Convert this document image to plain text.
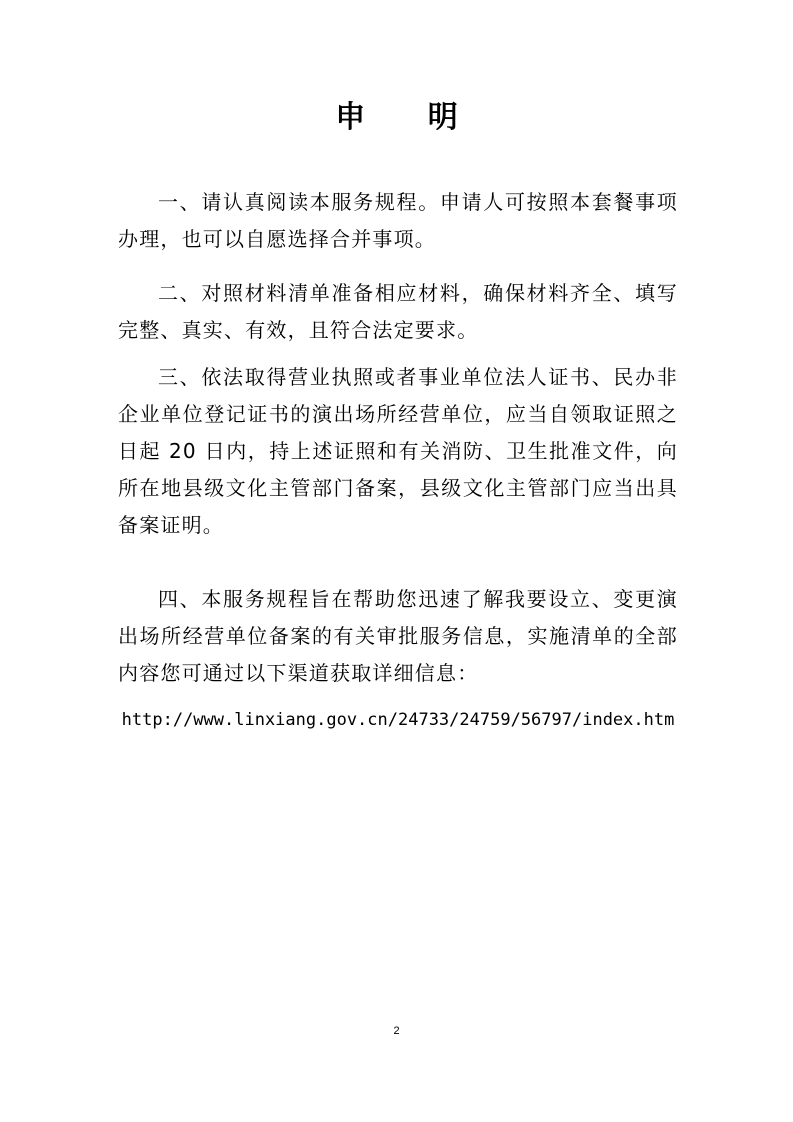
申 明

一、请认真阅读本服务规程。申请人可按照本套餐事项办理，也可以自愿选择合并事项。

二、对照材料清单准备相应材料，确保材料齐全、填写完整、真实、有效，且符合法定要求。

三、依法取得营业执照或者事业单位法人证书、民办非企业单位登记证书的演出场所经营单位，应当自领取证照之日起 20 日内，持上述证照和有关消防、卫生批准文件，向所在地县级文化主管部门备案，县级文化主管部门应当出具备案证明。

四、本服务规程旨在帮助您迅速了解我要设立、变更演出场所经营单位备案的有关审批服务信息，实施清单的全部内容您可通过以下渠道获取详细信息：

http://www.linxiang.gov.cn/24733/24759/56797/index.htm

2
